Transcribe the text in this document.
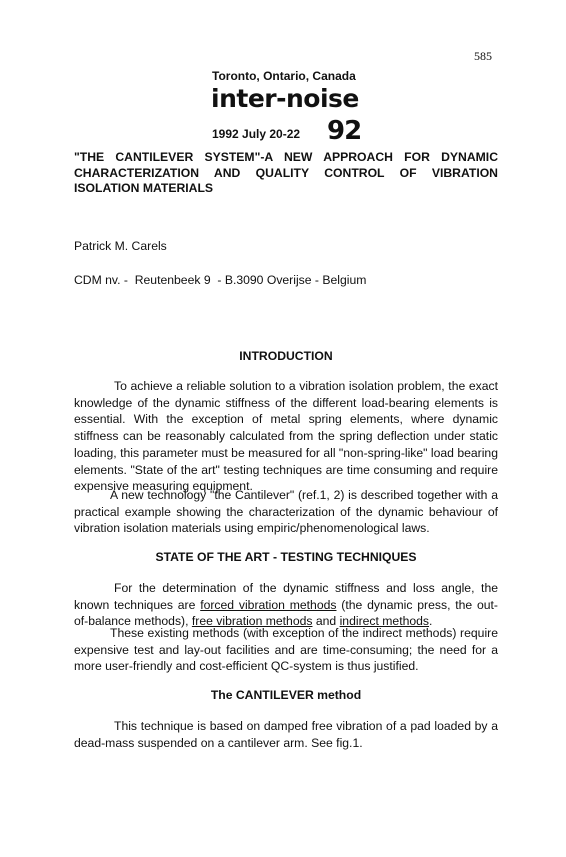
585
Toronto, Ontario, Canada
inter-noise
1992 July 20-22 92
"THE CANTILEVER SYSTEM"-A NEW APPROACH FOR DYNAMIC CHARACTERIZATION AND QUALITY CONTROL OF VIBRATION ISOLATION MATERIALS
Patrick M. Carels
CDM nv. -  Reutenbeek 9  - B.3090 Overijse - Belgium
INTRODUCTION

To achieve a reliable solution to a vibration isolation problem, the exact knowledge of the dynamic stiffness of the different load-bearing elements is essential. With the exception of metal spring elements, where dynamic stiffness can be reasonably calculated from the spring deflection under static loading, this parameter must be measured for all "non-spring-like" load bearing elements. "State of the art" testing techniques are time consuming and require expensive measuring equipment.

A new technology "the Cantilever" (ref.1, 2) is described together with a practical example showing the characterization of the dynamic behaviour of vibration isolation materials using empiric/phenomenological laws.

STATE OF THE ART - TESTING TECHNIQUES

For the determination of the dynamic stiffness and loss angle, the known techniques are forced vibration methods (the dynamic press, the out-of-balance methods), free vibration methods and indirect methods.

These existing methods (with exception of the indirect methods) require expensive test and lay-out facilities and are time-consuming; the need for a more user-friendly and cost-efficient QC-system is thus justified.

The CANTILEVER method

This technique is based on damped free vibration of a pad loaded by a dead-mass suspended on a cantilever arm. See fig.1.
